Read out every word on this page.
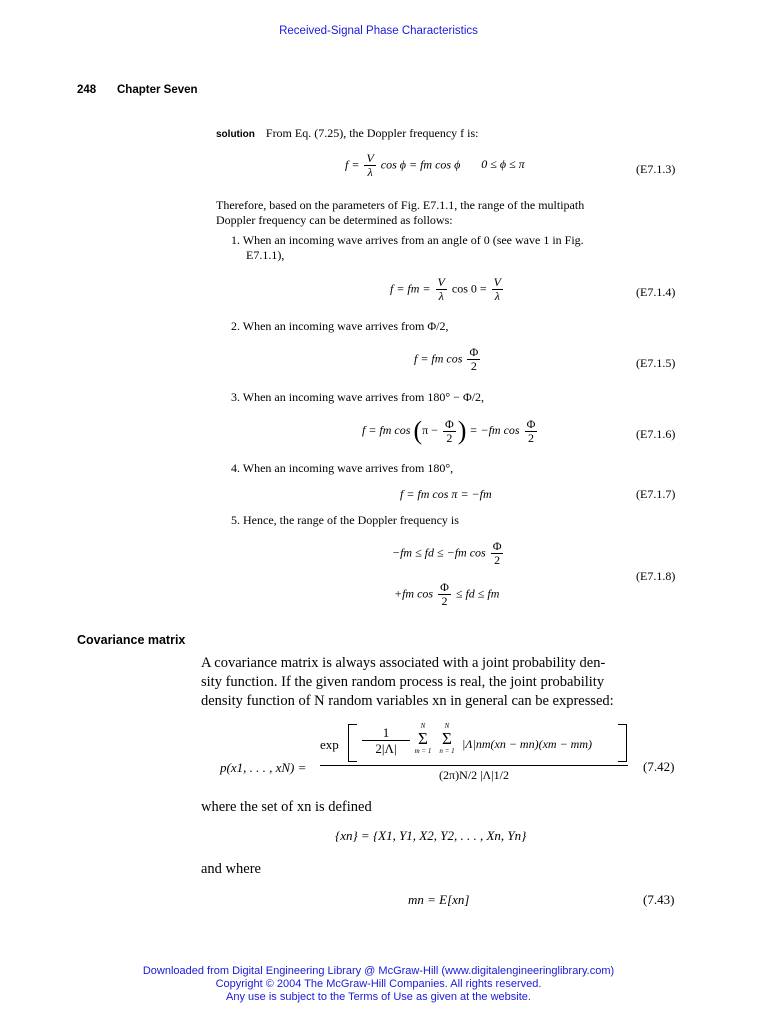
Received-Signal Phase Characteristics
248 Chapter Seven
solution From Eq. (7.25), the Doppler frequency f is:
$f = \frac{V}{\lambda}$ cos ϕ = fm cos ϕ 0 ≤ ϕ ≤ π	(E7.1.3)
Therefore, based on the parameters of Fig. E7.1.1, the range of the multipath
Doppler frequency can be determined as follows:
1. When an incoming wave arrives from an angle of 0 (see wave 1 in Fig.
E7.1.1),
f = fm = $\frac{V}{\lambda}$ $\cos 0 = \frac{V}{\lambda}$	(E7.1.4)
2. When an incoming wave arrives from Φ/2,
f = fm $\cos \frac{\Phi}{2}$	(E7.1.5)
3. When an incoming wave arrives from 180° − Φ/2,
f = fm $\cos (\pi - \frac{\Phi}{2}$ ) = −fm $\cos \frac{\Phi}{2}$	(E7.1.6)
4. When an incoming wave arrives from 180°,
f = fm cos π = −fm	(E7.1.7)
5. Hence, the range of the Doppler frequency is
−fm ≤ fd ≤ −fm $\cos \frac{\Phi}{2}$
+fm $\cos \frac{\Phi}{2}$ ≤ fd ≤ fm
(E7.1.8)
Covariance matrix
A covariance matrix is always associated with a joint probability den-
sity function. If the given random process is real, the joint probability
density function of N random variables xn in general can be expressed:
p(x1, . . . , xN) =
$\exp \frac{1}{2|\Lambda|}$	N
Σ
m = 1
N
Σ
n = 1 |Λ|nm(xn − mn)(xm − mm)
(2π)N/2 |Λ|1/2
(7.42)
where the set of xn is defined
{xn} = {X1, Y1, X2, Y2, . . . , Xn, Yn}
and where
mn = E[xn]	(7.43)
Downloaded from Digital Engineering Library @ McGraw-Hill (www.digitalengineeringlibrary.com)
Copyright © 2004 The McGraw-Hill Companies. All rights reserved.
Any use is subject to the Terms of Use as given at the website.
